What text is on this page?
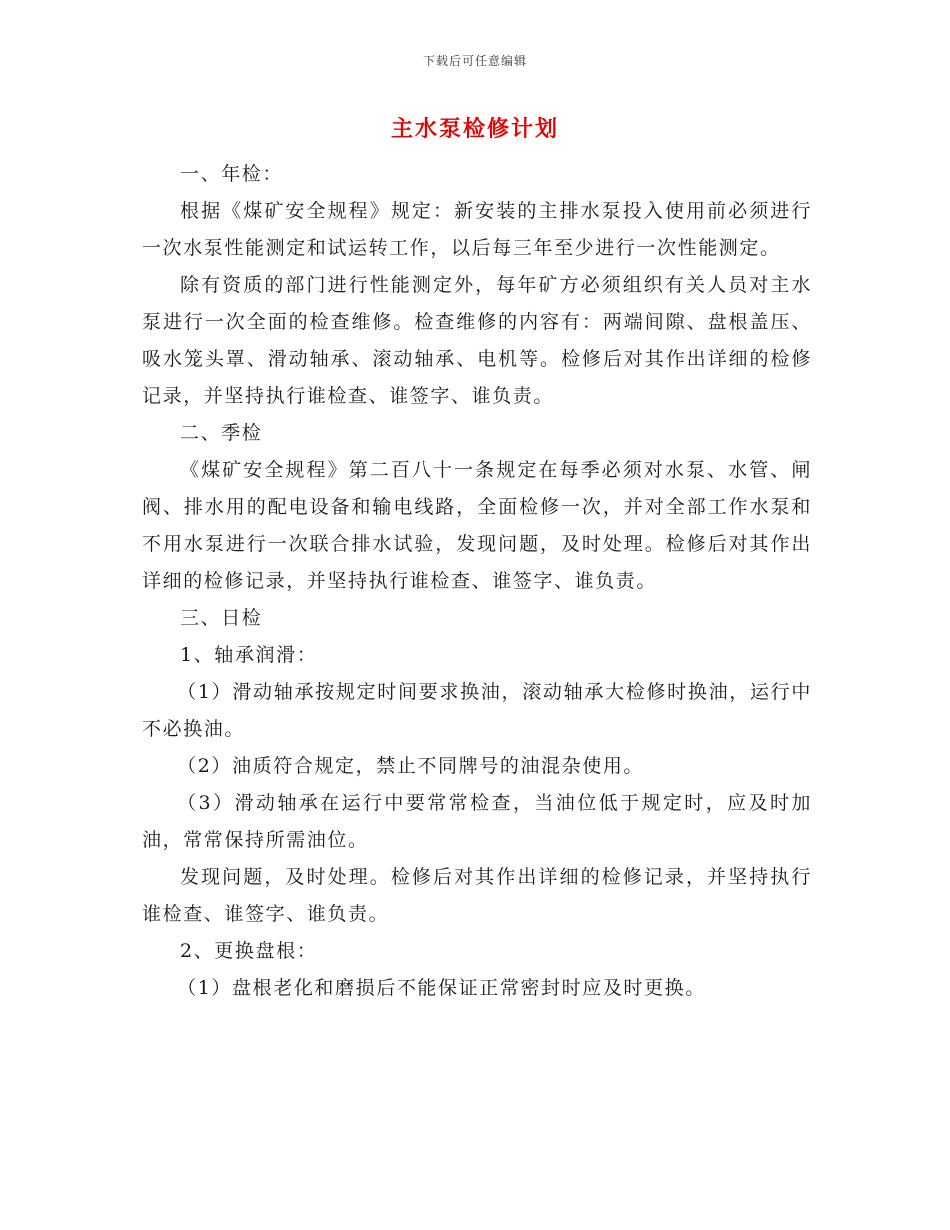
下载后可任意编辑
主水泵检修计划

一、年检：

根据《煤矿安全规程》规定：新安装的主排水泵投入使用前必须进行一次水泵性能测定和试运转工作，以后每三年至少进行一次性能测定。

除有资质的部门进行性能测定外，每年矿方必须组织有关人员对主水泵进行一次全面的检查维修。检查维修的内容有：两端间隙、盘根盖压、吸水笼头罩、滑动轴承、滚动轴承、电机等。检修后对其作出详细的检修记录，并坚持执行谁检查、谁签字、谁负责。

二、季检

《煤矿安全规程》第二百八十一条规定在每季必须对水泵、水管、闸阀、排水用的配电设备和输电线路，全面检修一次，并对全部工作水泵和不用水泵进行一次联合排水试验，发现问题，及时处理。检修后对其作出详细的检修记录，并坚持执行谁检查、谁签字、谁负责。

三、日检

1、轴承润滑：

（1）滑动轴承按规定时间要求换油，滚动轴承大检修时换油，运行中不必换油。

（2）油质符合规定，禁止不同牌号的油混杂使用。

（3）滑动轴承在运行中要常常检查，当油位低于规定时，应及时加油，常常保持所需油位。

发现问题，及时处理。检修后对其作出详细的检修记录，并坚持执行谁检查、谁签字、谁负责。

2、更换盘根：

（1）盘根老化和磨损后不能保证正常密封时应及时更换。
